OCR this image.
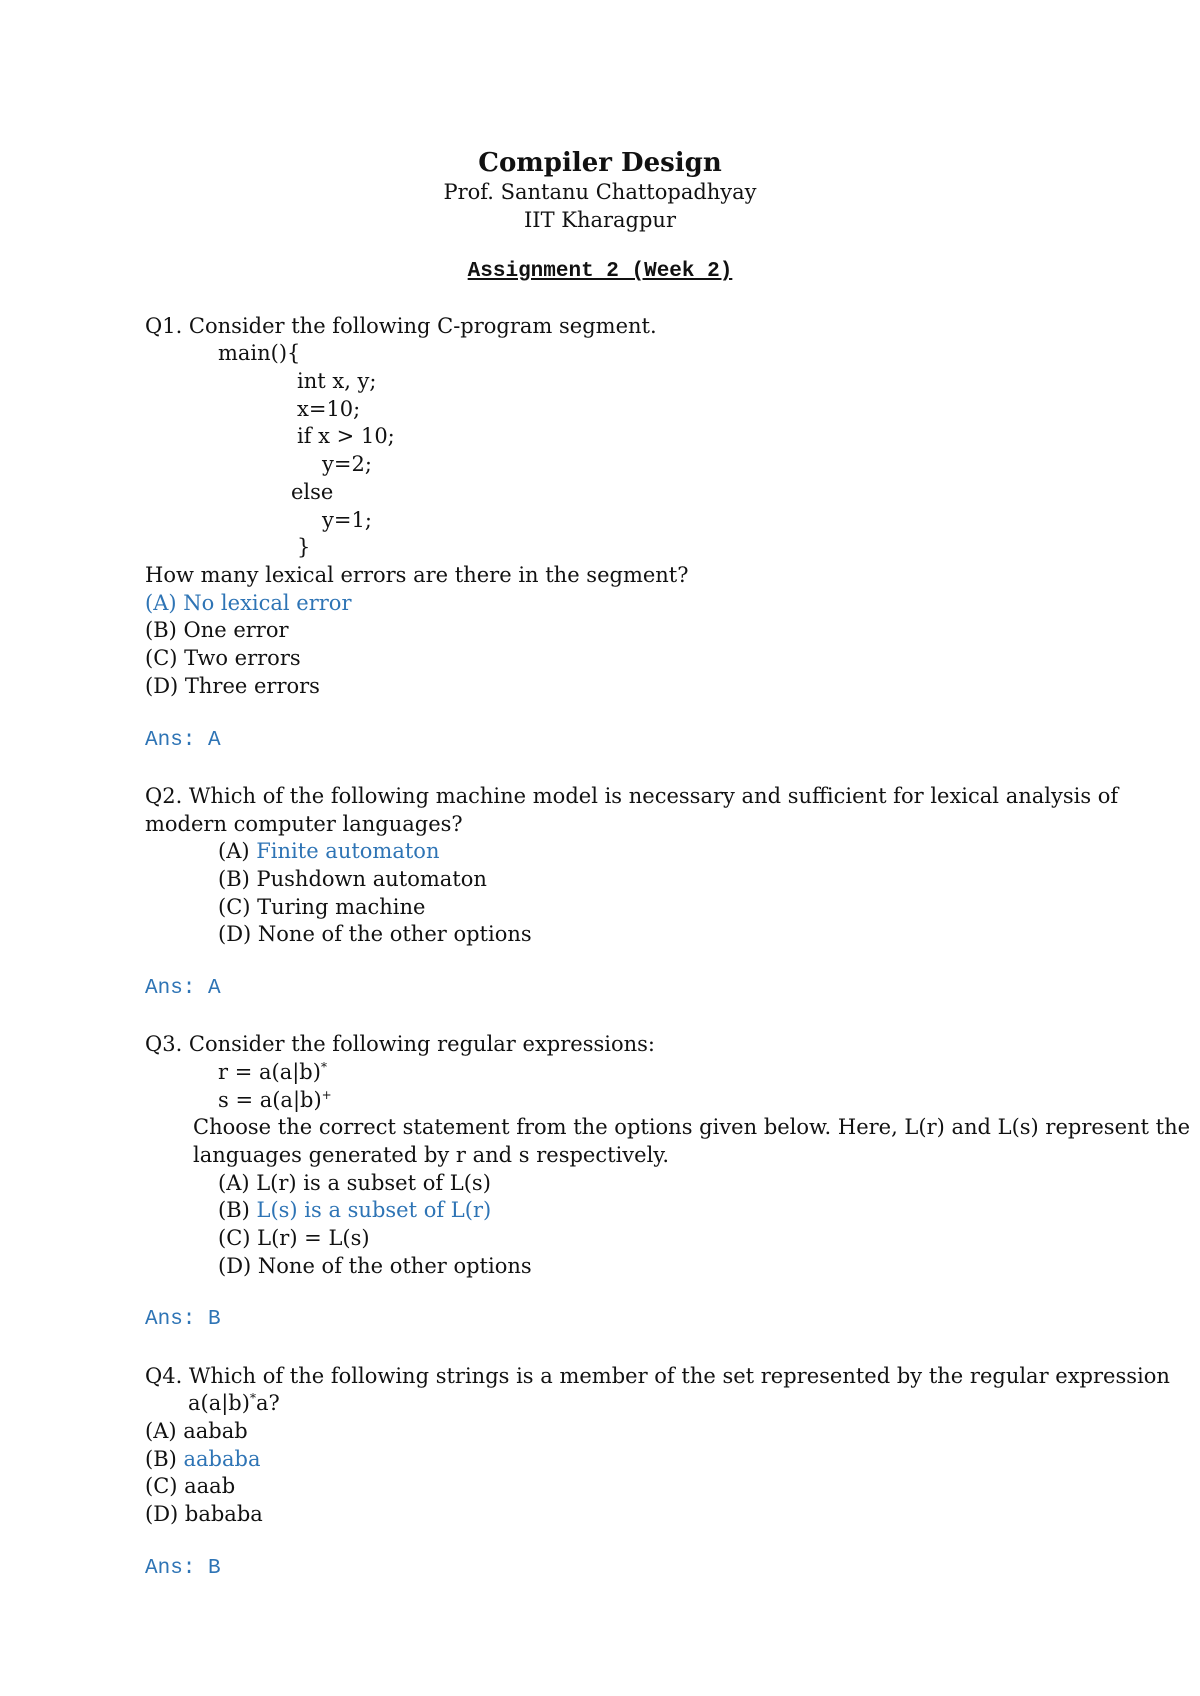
Compiler Design
Prof. Santanu Chattopadhyay
IIT Kharagpur
Assignment 2 (Week 2)
Q1. Consider the following C-program segment.
main(){
int x, y;
x=10;
if x > 10;
y=2;
else
y=1;
}
How many lexical errors are there in the segment?
(A) No lexical error
(B) One error
(C) Two errors
(D) Three errors
Ans: A
Q2. Which of the following machine model is necessary and sufficient for lexical analysis of
modern computer languages?
(A) Finite automaton
(B) Pushdown automaton
(C) Turing machine
(D) None of the other options
Ans: A
Q3. Consider the following regular expressions:
r = a(a|b)*
s = a(a|b)+
Choose the correct statement from the options given below. Here, L(r) and L(s) represent the
languages generated by r and s respectively.
(A) L(r) is a subset of L(s)
(B) L(s) is a subset of L(r)
(C) L(r) = L(s)
(D) None of the other options
Ans: B
Q4. Which of the following strings is a member of the set represented by the regular expression
a(a|b)*a?
(A) aabab
(B) aababa
(C) aaab
(D) bababa
Ans: B
